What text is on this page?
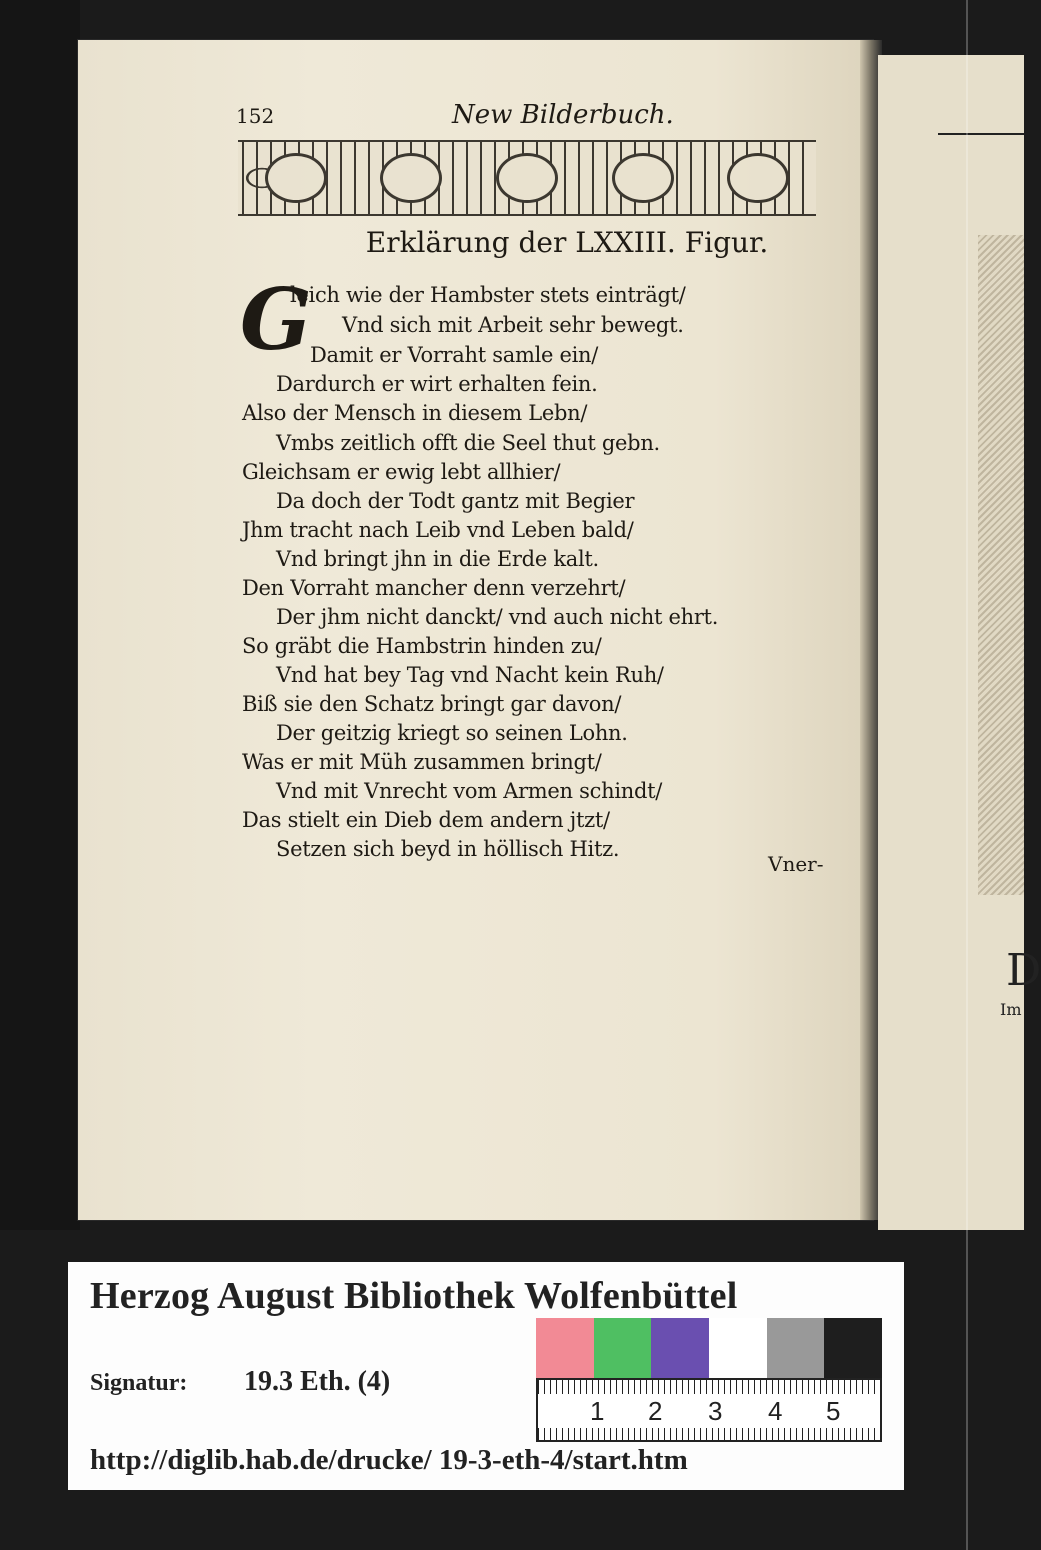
D
Im
152	New Bilderbuch.
Erklärung der LXXIII. Figur.
G
leich wie der Hambster stets einträgt/
Vnd sich mit Arbeit sehr bewegt.
Damit er Vorraht samle ein/
Dardurch er wirt erhalten fein.
Also der Mensch in diesem Lebn/
Vmbs zeitlich offt die Seel thut gebn.
Gleichsam er ewig lebt allhier/
Da doch der Todt gantz mit Begier
Jhm tracht nach Leib vnd Leben bald/
Vnd bringt jhn in die Erde kalt.
Den Vorraht mancher denn verzehrt/
Der jhm nicht danckt/ vnd auch nicht ehrt.
So gräbt die Hambstrin hinden zu/
Vnd hat bey Tag vnd Nacht kein Ruh/
Biß sie den Schatz bringt gar davon/
Der geitzig kriegt so seinen Lohn.
Was er mit Müh zusammen bringt/
Vnd mit Vnrecht vom Armen schindt/
Das stielt ein Dieb dem andern jtzt/
Setzen sich beyd in höllisch Hitz.
Vner-
Herzog August Bibliothek Wolfenbüttel
Signatur: 19.3 Eth. (4)
1 2 3 4 5
http://diglib.hab.de/drucke/ 19-3-eth-4/start.htm
